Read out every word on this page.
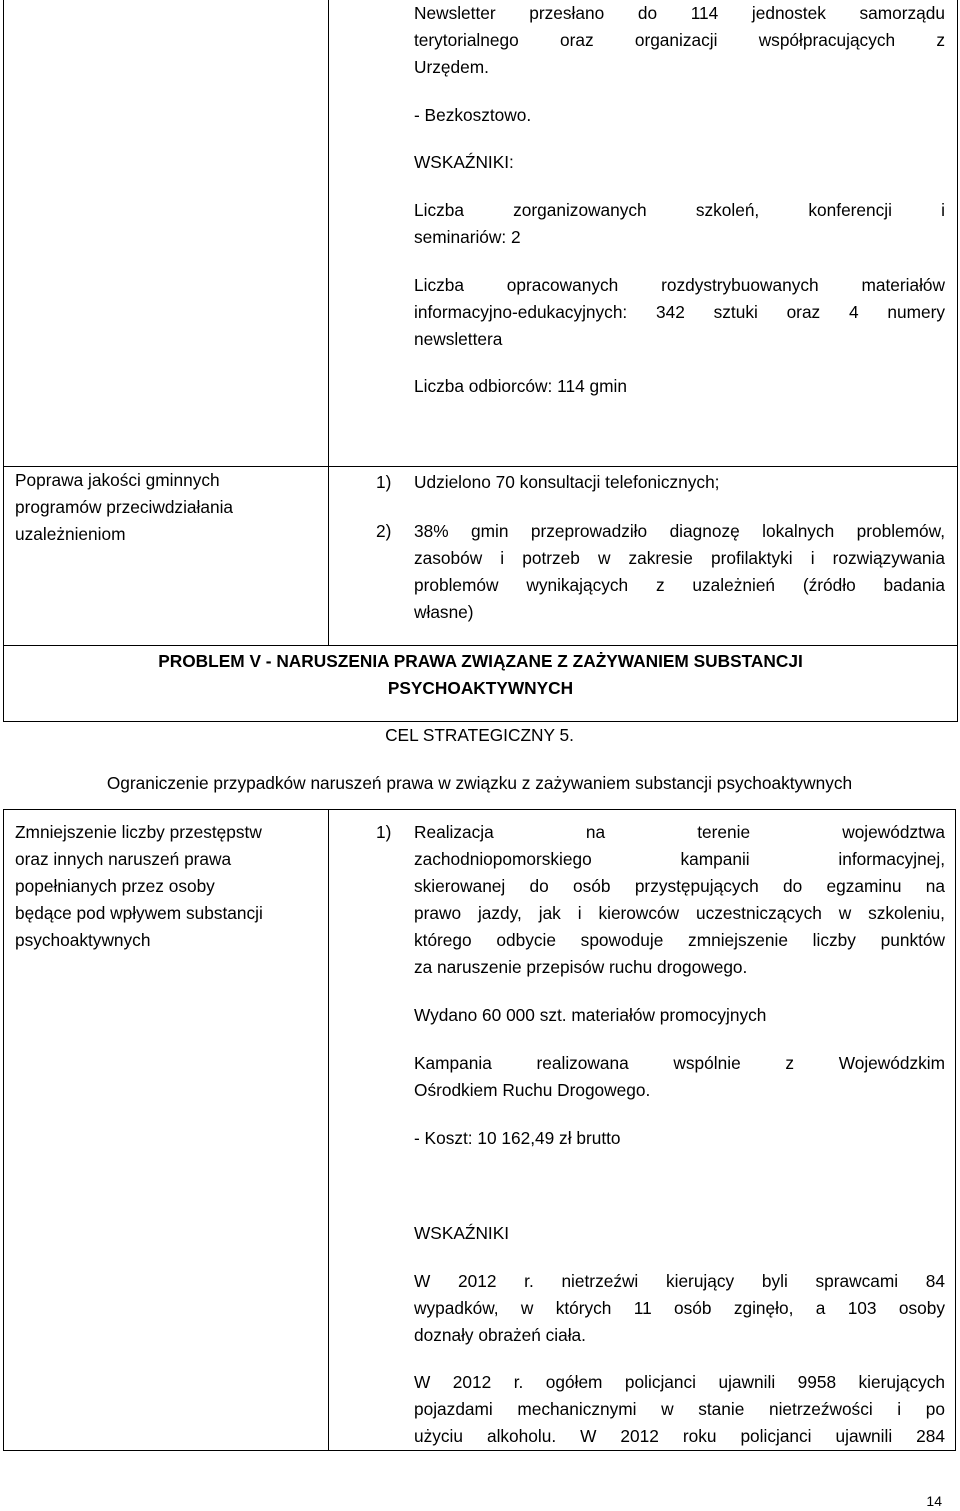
Newsletter przesłano do 114 jednostek samorządu
terytorialnego oraz organizacji współpracujących z
Urzędem.
- Bezkosztowo.
WSKAŹNIKI:
Liczba zorganizowanych szkoleń, konferencji i
seminariów: 2
Liczba opracowanych rozdystrybuowanych materiałów
informacyjno-edukacyjnych: 342 sztuki oraz 4 numery
newslettera
Liczba odbiorców: 114 gmin
Poprawa jakości gminnych
programów przeciwdziałania
uzależnieniom
1) Udzielono 70 konsultacji telefonicznych;
2) 38% gmin przeprowadziło diagnozę lokalnych problemów,
zasobów i potrzeb w zakresie profilaktyki i rozwiązywania
problemów wynikających z uzależnień (źródło badania
własne)
PROBLEM V - NARUSZENIA PRAWA ZWIĄZANE Z ZAŻYWANIEM SUBSTANCJI
PSYCHOAKTYWNYCH
CEL STRATEGICZNY 5.
Ograniczenie przypadków naruszeń prawa w związku z zażywaniem substancji psychoaktywnych
Zmniejszenie liczby przestępstw
oraz innych naruszeń prawa
popełnianych przez osoby
będące pod wpływem substancji
psychoaktywnych
1) Realizacja na terenie województwa
zachodniopomorskiego kampanii informacyjnej,
skierowanej do osób przystępujących do egzaminu na
prawo jazdy, jak i kierowców uczestniczących w szkoleniu,
którego odbycie spowoduje zmniejszenie liczby punktów
za naruszenie przepisów ruchu drogowego.
Wydano 60 000 szt. materiałów promocyjnych
Kampania realizowana wspólnie z Wojewódzkim
Ośrodkiem Ruchu Drogowego.
- Koszt: 10 162,49 zł brutto
WSKAŹNIKI
W 2012 r. nietrzeźwi kierujący byli sprawcami 84
wypadków, w których 11 osób zginęło, a 103 osoby
doznały obrażeń ciała.
W 2012 r. ogółem policjanci ujawnili 9958 kierujących
pojazdami mechanicznymi w stanie nietrzeźwości i po
użyciu alkoholu. W 2012 roku policjanci ujawnili 284
14
